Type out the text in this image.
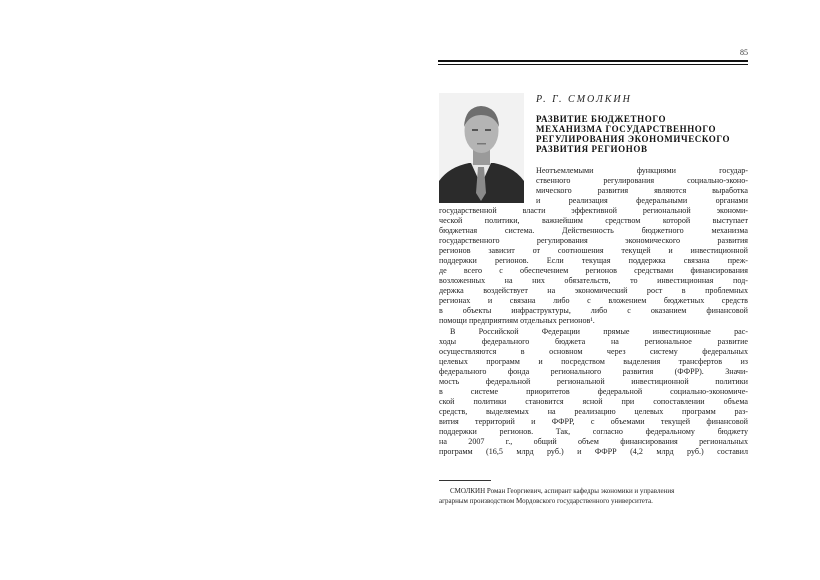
85
Р. Г. СМОЛКИН
РАЗВИТИЕ БЮДЖЕТНОГО
МЕХАНИЗМА ГОСУДАРСТВЕННОГО
РЕГУЛИРОВАНИЯ ЭКОНОМИЧЕСКОГО
РАЗВИТИЯ РЕГИОНОВ
Неотъемлемыми функциями государ-
ственного регулирования социально-эконо-
мического развития являются выработка
и реализация федеральными органами
государственной власти эффективной региональной экономи-
ческой политики, важнейшим средством которой выступает
бюджетная система. Действенность бюджетного механизма
государственного регулирования экономического развития
регионов зависит от соотношения текущей и инвестиционной
поддержки регионов. Если текущая поддержка связана преж-
де всего с обеспечением регионов средствами финансирования
возложенных на них обязательств, то инвестиционная под-
держка воздействует на экономический рост в проблемных
регионах и связана либо с вложением бюджетных средств
в объекты инфраструктуры, либо с оказанием финансовой
помощи предприятиям отдельных регионов¹.
В Российской Федерации прямые инвестиционные рас-
ходы федерального бюджета на региональное развитие
осуществляются в основном через систему федеральных
целевых программ и посредством выделения трансфертов из
федерального фонда регионального развития (ФФРР). Значи-
мость федеральной региональной инвестиционной политики
в системе приоритетов федеральной социально-экономиче-
ской политики становится ясной при сопоставлении объема
средств, выделяемых на реализацию целевых программ раз-
вития территорий и ФФРР, с объемами текущей финансовой
поддержки регионов. Так, согласно федеральному бюджету
на 2007 г., общий объем финансирования региональных
программ (16,5 млрд руб.) и ФФРР (4,2 млрд руб.) составил
СМОЛКИН Роман Георгиевич, аспирант кафедры экономики и управления
аграрным производством Мордовского государственного университета.
